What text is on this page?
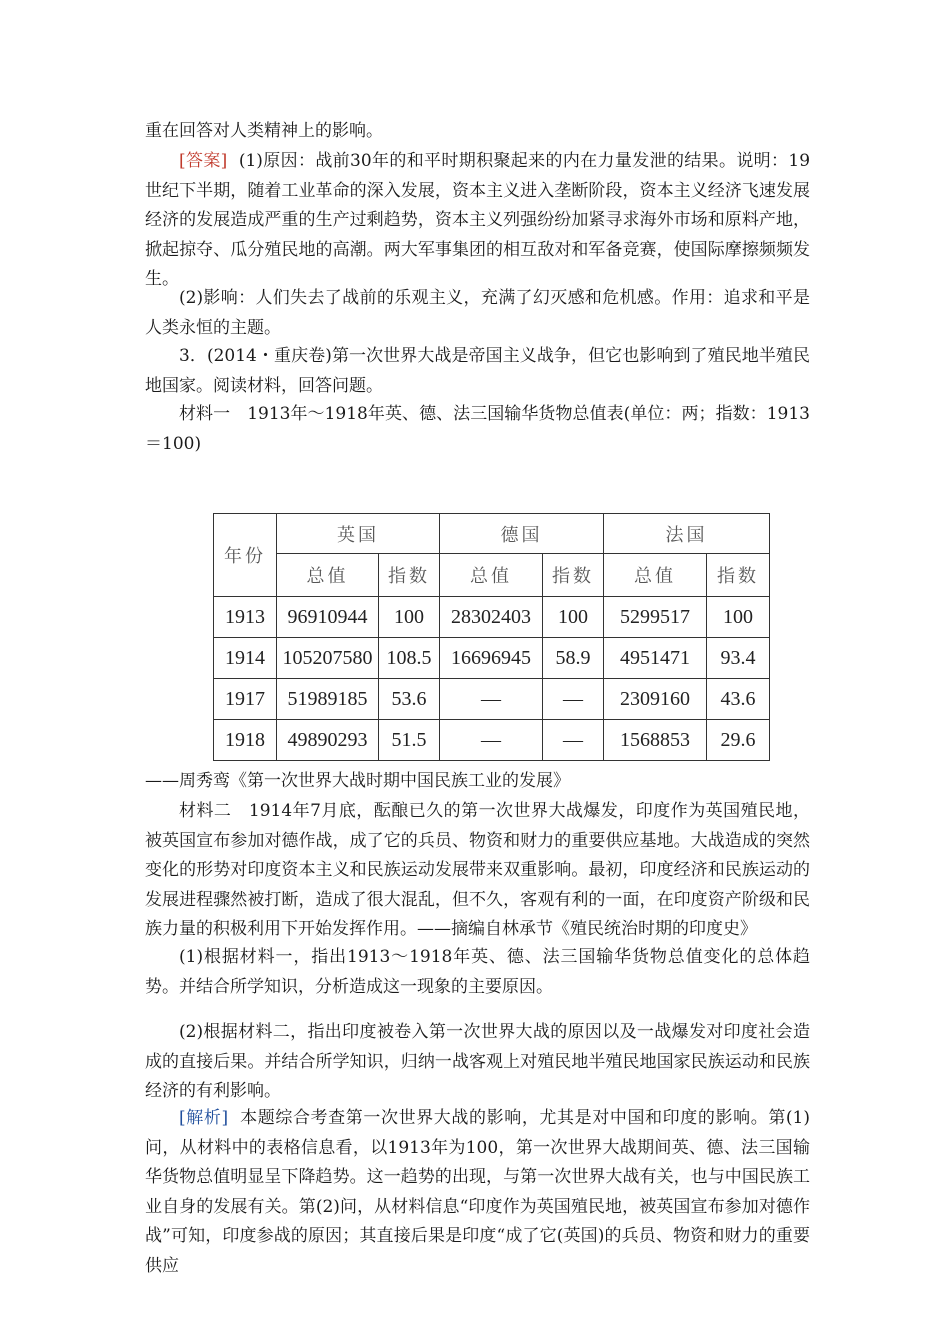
重在回答对人类精神上的影响。

[答案] (1)原因：战前30年的和平时期积聚起来的内在力量发泄的结果。说明：19世纪下半期，随着工业革命的深入发展，资本主义进入垄断阶段，资本主义经济飞速发展经济的发展造成严重的生产过剩趋势，资本主义列强纷纷加紧寻求海外市场和原料产地，掀起掠夺、瓜分殖民地的高潮。两大军事集团的相互敌对和军备竞赛，使国际摩擦频频发生。

(2)影响：人们失去了战前的乐观主义，充满了幻灭感和危机感。作用：追求和平是人类永恒的主题。

3．(2014・重庆卷)第一次世界大战是帝国主义战争，但它也影响到了殖民地半殖民地国家。阅读材料，回答问题。

材料一　1913年～1918年英、德、法三国输华货物总值表(单位：两；指数：1913＝100)

年份	英国		德国		法国	
	总值	指数	总值	指数	总值	指数
1913	96910944	100	28302403	100	5299517	100
1914	105207580	108.5	16696945	58.9	4951471	93.4
1917	51989185	53.6	—	—	2309160	43.6
1918	49890293	51.5	—	—	1568853	29.6

——周秀鸾《第一次世界大战时期中国民族工业的发展》

材料二　1914年7月底，酝酿已久的第一次世界大战爆发，印度作为英国殖民地，被英国宣布参加对德作战，成了它的兵员、物资和财力的重要供应基地。大战造成的突然变化的形势对印度资本主义和民族运动发展带来双重影响。最初，印度经济和民族运动的发展进程骤然被打断，造成了很大混乱，但不久，客观有利的一面，在印度资产阶级和民族力量的积极利用下开始发挥作用。——摘编自林承节《殖民统治时期的印度史》

(1)根据材料一，指出1913～1918年英、德、法三国输华货物总值变化的总体趋势。并结合所学知识，分析造成这一现象的主要原因。

(2)根据材料二，指出印度被卷入第一次世界大战的原因以及一战爆发对印度社会造成的直接后果。并结合所学知识，归纳一战客观上对殖民地半殖民地国家民族运动和民族经济的有利影响。

[解析] 本题综合考查第一次世界大战的影响，尤其是对中国和印度的影响。第(1)问，从材料中的表格信息看，以1913年为100，第一次世界大战期间英、德、法三国输华货物总值明显呈下降趋势。这一趋势的出现，与第一次世界大战有关，也与中国民族工业自身的发展有关。第(2)问，从材料信息“印度作为英国殖民地，被英国宣布参加对德作战”可知，印度参战的原因；其直接后果是印度“成了它(英国)的兵员、物资和财力的重要供应
